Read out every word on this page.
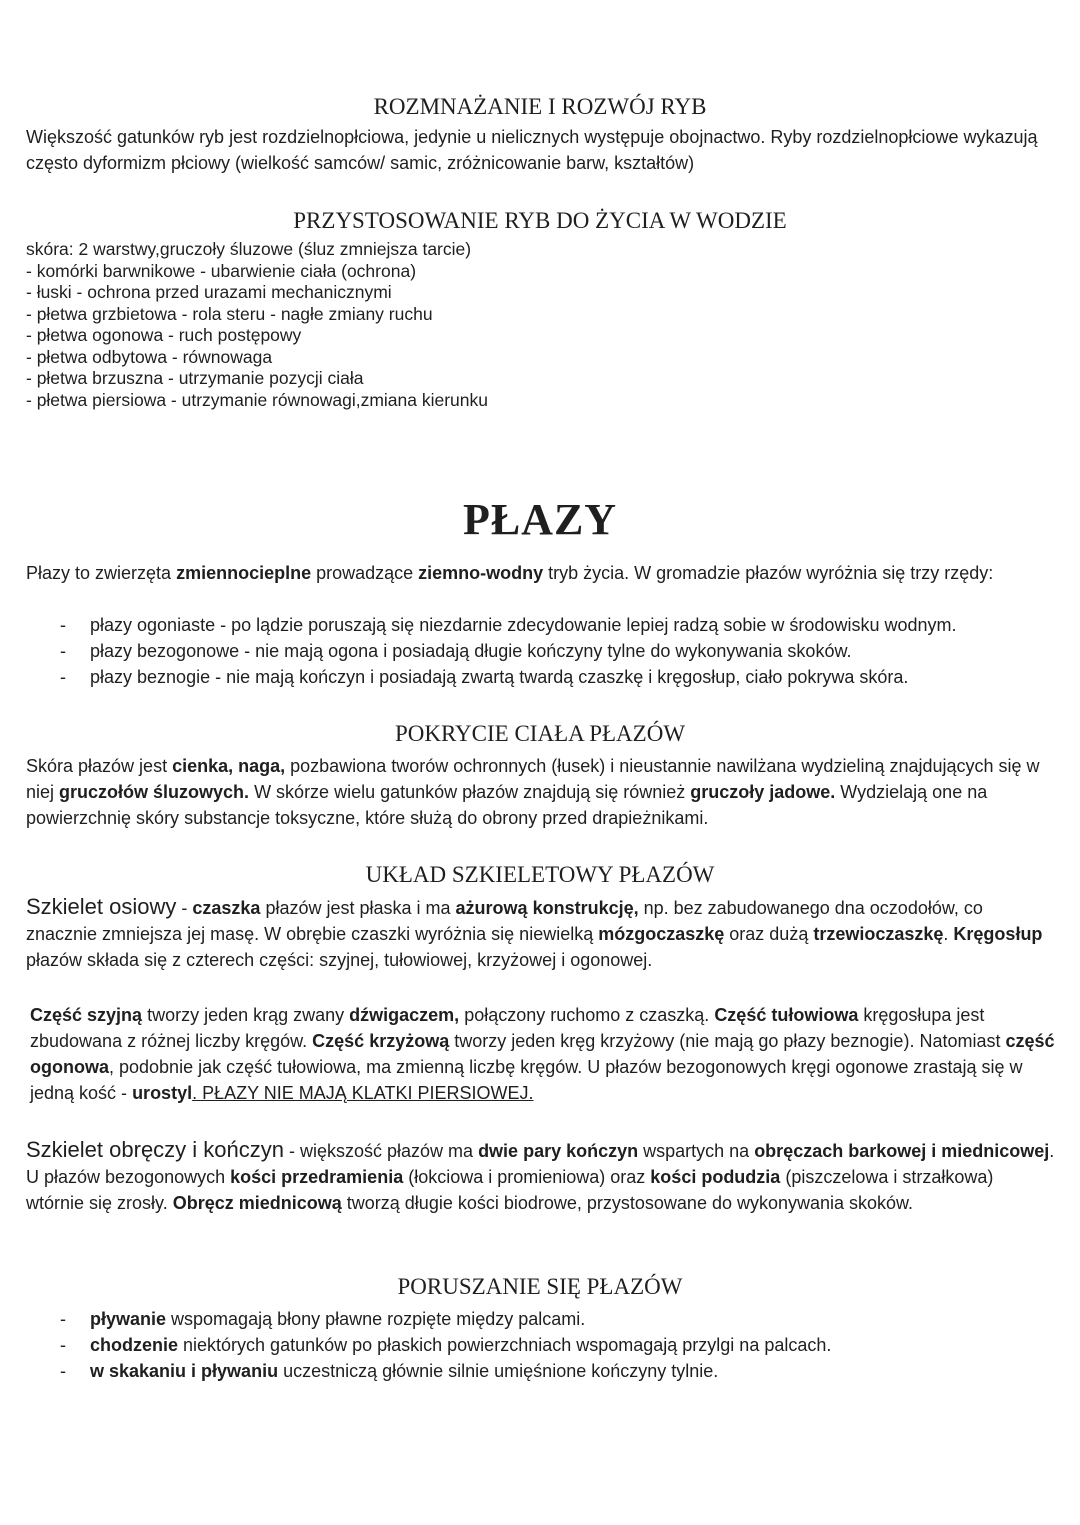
ROZMNAŻANIE I ROZWÓJ RYB
Większość gatunków ryb jest rozdzielnopłciowa, jedynie u nielicznych występuje obojnactwo. Ryby rozdzielnopłciowe wykazują często dyformizm płciowy (wielkość samców/ samic, zróżnicowanie barw, kształtów)
PRZYSTOSOWANIE RYB DO ŻYCIA W WODZIE
skóra: 2 warstwy,gruczoły śluzowe (śluz zmniejsza tarcie)
- komórki barwnikowe - ubarwienie ciała (ochrona)
- łuski - ochrona przed urazami mechanicznymi
- płetwa grzbietowa - rola steru - nagłe zmiany ruchu
- płetwa ogonowa - ruch postępowy
- płetwa odbytowa - równowaga
- płetwa brzuszna - utrzymanie pozycji ciała
- płetwa piersiowa - utrzymanie równowagi,zmiana kierunku
PŁAZY
Płazy to zwierzęta zmiennocieplne prowadzące ziemno-wodny tryb życia. W gromadzie płazów wyróżnia się trzy rzędy:
- płazy ogoniaste - po lądzie poruszają się niezdarnie zdecydowanie lepiej radzą sobie w środowisku wodnym.
- płazy bezogonowe - nie mają ogona i posiadają długie kończyny tylne do wykonywania skoków.
- płazy beznogie - nie mają kończyn i posiadają zwartą twardą czaszkę i kręgosłup, ciało pokrywa skóra.
POKRYCIE CIAŁA PŁAZÓW
Skóra płazów jest cienka, naga, pozbawiona tworów ochronnych (łusek) i nieustannie nawilżana wydzieliną znajdujących się w niej gruczołów śluzowych. W skórze wielu gatunków płazów znajdują się również gruczoły jadowe. Wydzielają one na powierzchnię skóry substancje toksyczne, które służą do obrony przed drapieżnikami.
UKŁAD SZKIELETOWY PŁAZÓW
Szkielet osiowy - czaszka płazów jest płaska i ma ażurową konstrukcję, np. bez zabudowanego dna oczodołów, co znacznie zmniejsza jej masę. W obrębie czaszki wyróżnia się niewielką mózgoczaszkę oraz dużą trzewioczaszkę. Kręgosłup płazów składa się z czterech części: szyjnej, tułowiowej, krzyżowej i ogonowej.
Część szyjną tworzy jeden krąg zwany dźwigaczem, połączony ruchomo z czaszką. Część tułowiowa kręgosłupa jest zbudowana z różnej liczby kręgów. Część krzyżową tworzy jeden kręg krzyżowy (nie mają go płazy beznogie). Natomiast część ogonowa, podobnie jak część tułowiowa, ma zmienną liczbę kręgów. U płazów bezogonowych kręgi ogonowe zrastają się w jedną kość - urostyl. PŁAZY NIE MAJĄ KLATKI PIERSIOWEJ.
Szkielet obręczy i kończyn - większość płazów ma dwie pary kończyn wspartych na obręczach barkowej i miednicowej. U płazów bezogonowych kości przedramienia (łokciowa i promieniowa) oraz kości podudzia (piszczelowa i strzałkowa) wtórnie się zrosły. Obręcz miednicową tworzą długie kości biodrowe, przystosowane do wykonywania skoków.
PORUSZANIE SIĘ PŁAZÓW
- pływanie wspomagają błony pławne rozpięte między palcami.
- chodzenie niektórych gatunków po płaskich powierzchniach wspomagają przylgi na palcach.
- w skakaniu i pływaniu uczestniczą głównie silnie umięśnione kończyny tylnie.
